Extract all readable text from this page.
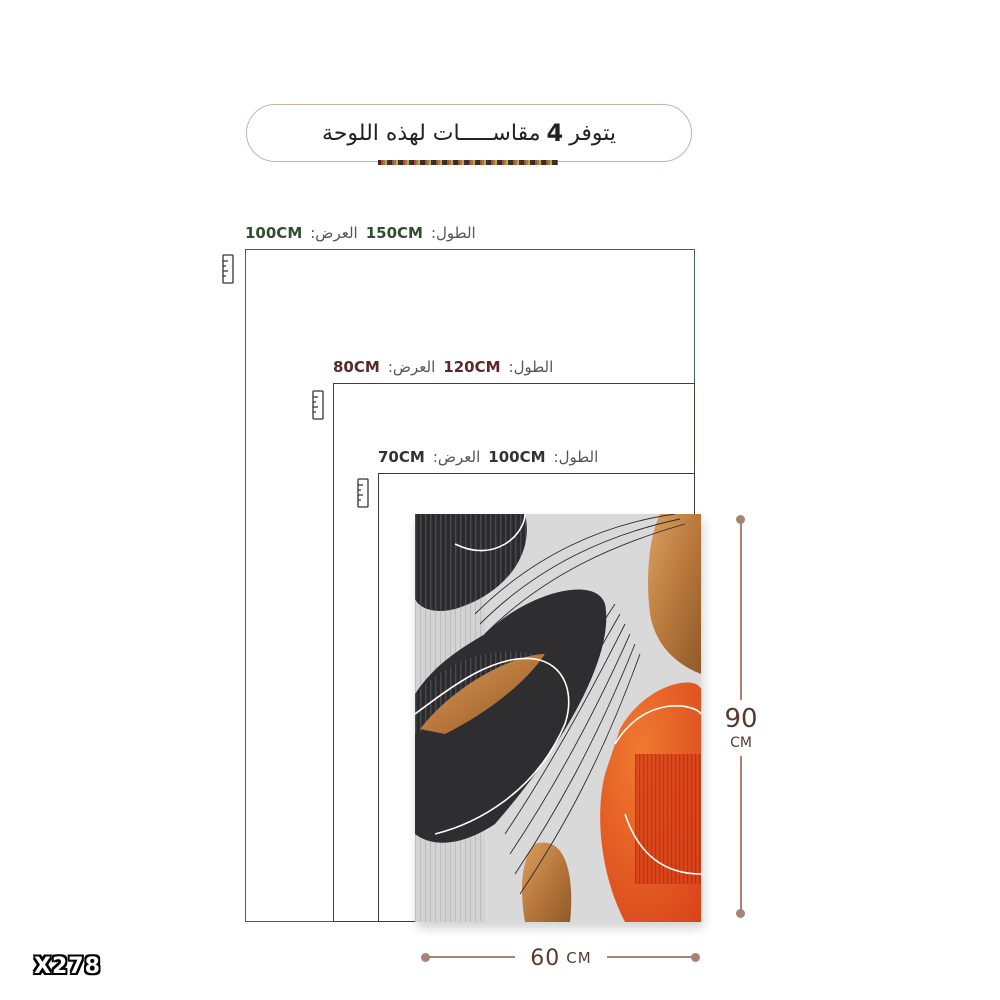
يتوفر
4
مقاســـــات لهذه اللوحة
الطول:
150CM
العرض:
100CM
الطول:
120CM
العرض:
80CM
الطول:
100CM
العرض:
70CM
90
CM
60 CM
X278
